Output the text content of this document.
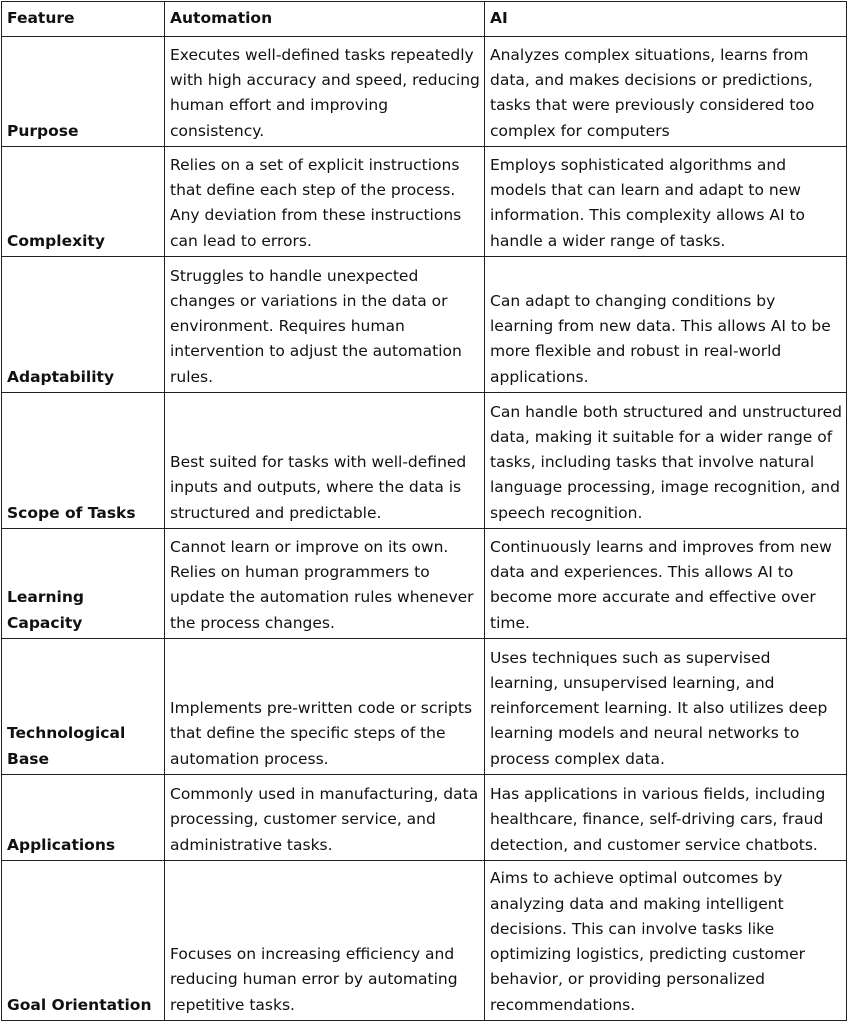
Feature	Automation	AI
Purpose	Executes well-defined tasks repeatedly with high accuracy and speed, reducing human effort and improving consistency.	Analyzes complex situations, learns from data, and makes decisions or predictions, tasks that were previously considered too complex for computers
Complexity	Relies on a set of explicit instructions that define each step of the process. Any deviation from these instructions can lead to errors.	Employs sophisticated algorithms and models that can learn and adapt to new information. This complexity allows AI to handle a wider range of tasks.
Adaptability	Struggles to handle unexpected changes or variations in the data or environment. Requires human intervention to adjust the automation rules.	Can adapt to changing conditions by learning from new data. This allows AI to be more flexible and robust in real-world applications.
Scope of Tasks	Best suited for tasks with well-defined inputs and outputs, where the data is structured and predictable.	Can handle both structured and unstructured data, making it suitable for a wider range of tasks, including tasks that involve natural language processing, image recognition, and speech recognition.
Learning Capacity	Cannot learn or improve on its own. Relies on human programmers to update the automation rules whenever the process changes.	Continuously learns and improves from new data and experiences. This allows AI to become more accurate and effective over time.
Technological Base	Implements pre-written code or scripts that define the specific steps of the automation process.	Uses techniques such as supervised learning, unsupervised learning, and reinforcement learning. It also utilizes deep learning models and neural networks to process complex data.
Applications	Commonly used in manufacturing, data processing, customer service, and administrative tasks.	Has applications in various fields, including healthcare, finance, self-driving cars, fraud detection, and customer service chatbots.
Goal Orientation	Focuses on increasing efficiency and reducing human error by automating repetitive tasks.	Aims to achieve optimal outcomes by analyzing data and making intelligent decisions. This can involve tasks like optimizing logistics, predicting customer behavior, or providing personalized recommendations.
